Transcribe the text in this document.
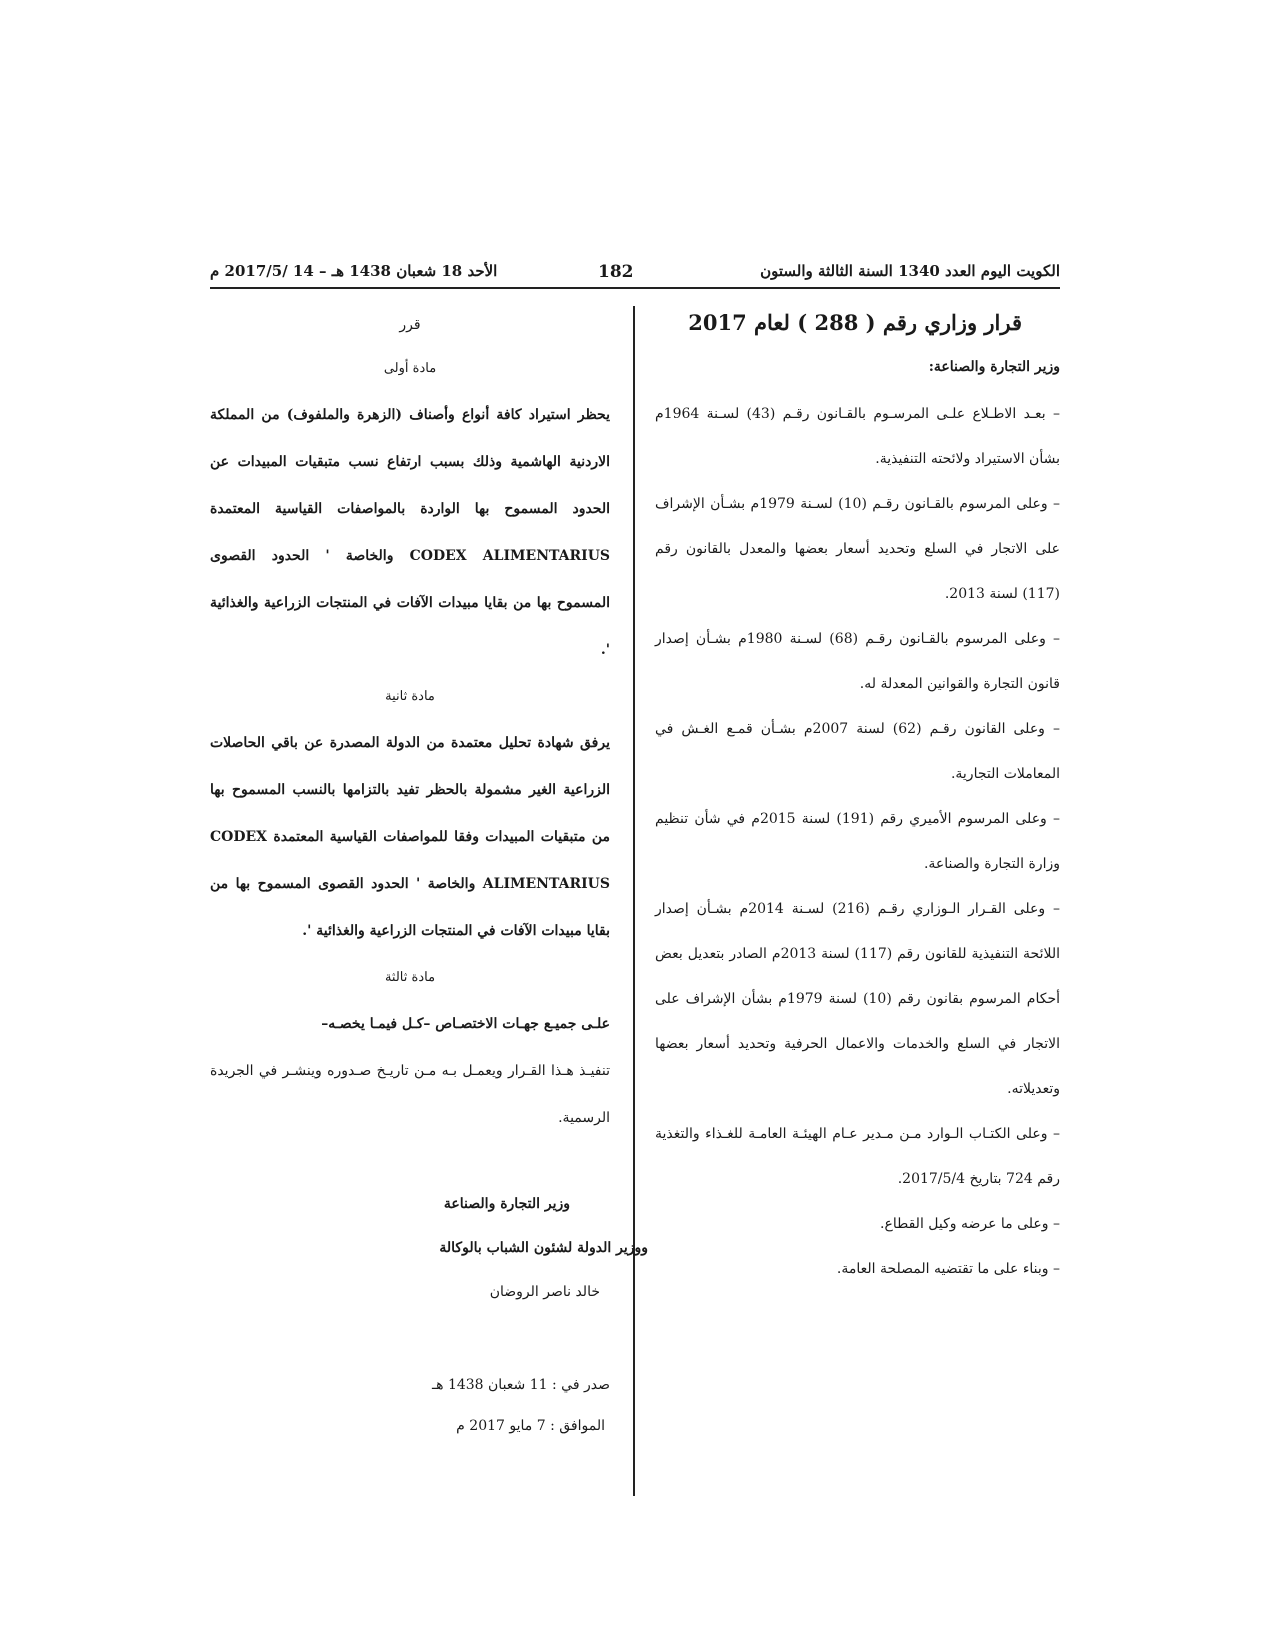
الكويت اليوم العدد 1340 السنة الثالثة والستون
182
الأحد 18 شعبان 1438 هـ – 14 /2017/5 م
قرار وزاري رقم ( 288 ) لعام 2017
وزير التجارة والصناعة:

– بعـد الاطـلاع علـى المرسـوم بالقـانون رقـم (43) لسـنة 1964م بشأن الاستيراد ولائحته التنفيذية.

– وعلى المرسوم بالقـانون رقـم (10) لسـنة 1979م بشـأن الإشراف على الاتجار في السلع وتحديد أسعار بعضها والمعدل بالقانون رقم (117) لسنة 2013.

– وعلى المرسوم بالقـانون رقـم (68) لسـنة 1980م بشـأن إصدار قانون التجارة والقوانين المعدلة له.

– وعلى القانون رقـم (62) لسنة 2007م بشـأن قمـع الغـش في المعاملات التجارية.

– وعلى المرسوم الأميري رقم (191) لسنة 2015م في شأن تنظيم وزارة التجارة والصناعة.

– وعلى القـرار الـوزاري رقـم (216) لسـنة 2014م بشـأن إصدار اللائحة التنفيذية للقانون رقم (117) لسنة 2013م الصادر بتعديل بعض أحكام المرسوم بقانون رقم (10) لسنة 1979م بشأن الإشراف على الاتجار في السلع والخدمات والاعمال الحرفية وتحديد أسعار بعضها وتعديلاته.

– وعلى الكتـاب الـوارد مـن مـدير عـام الهيئـة العامـة للغـذاء والتغذية رقم 724 بتاريخ 2017/5/4.

– وعلى ما عرضه وكيل القطاع.

– وبناء على ما تقتضيه المصلحة العامة.

قرر
مادة أولى

يحظر استيراد كافة أنواع وأصناف (الزهرة والملفوف) من المملكة الاردنية الهاشمية وذلك بسبب ارتفاع نسب متبقيات المبيدات عن الحدود المسموح بها الواردة بالمواصفات القياسية المعتمدة CODEX ALIMENTARIUS والخاصة ' الحدود القصوى المسموح بها من بقايا مبيدات الآفات في المنتجات الزراعية والغذائية '.

مادة ثانية

يرفق شهادة تحليل معتمدة من الدولة المصدرة عن باقي الحاصلات الزراعية الغير مشمولة بالحظر تفيد بالتزامها بالنسب المسموح بها من متبقيات المبيدات وفقا للمواصفات القياسية المعتمدة CODEX ALIMENTARIUS والخاصة ' الحدود القصوى المسموح بها من بقايا مبيدات الآفات في المنتجات الزراعية والغذائية '.

مادة ثالثة

علـى جميـع جهـات الاختصـاص –كـل فيمـا يخصـه–

تنفيـذ هـذا القـرار ويعمـل بـه مـن تاريـخ صـدوره وينشـر في الجريدة الرسمية.

وزير التجارة والصناعة
ووزير الدولة لشئون الشباب بالوكالة
خالد ناصر الروضان
صدر في : 11 شعبان 1438 هـ
الموافق : 7 مايو 2017 م
